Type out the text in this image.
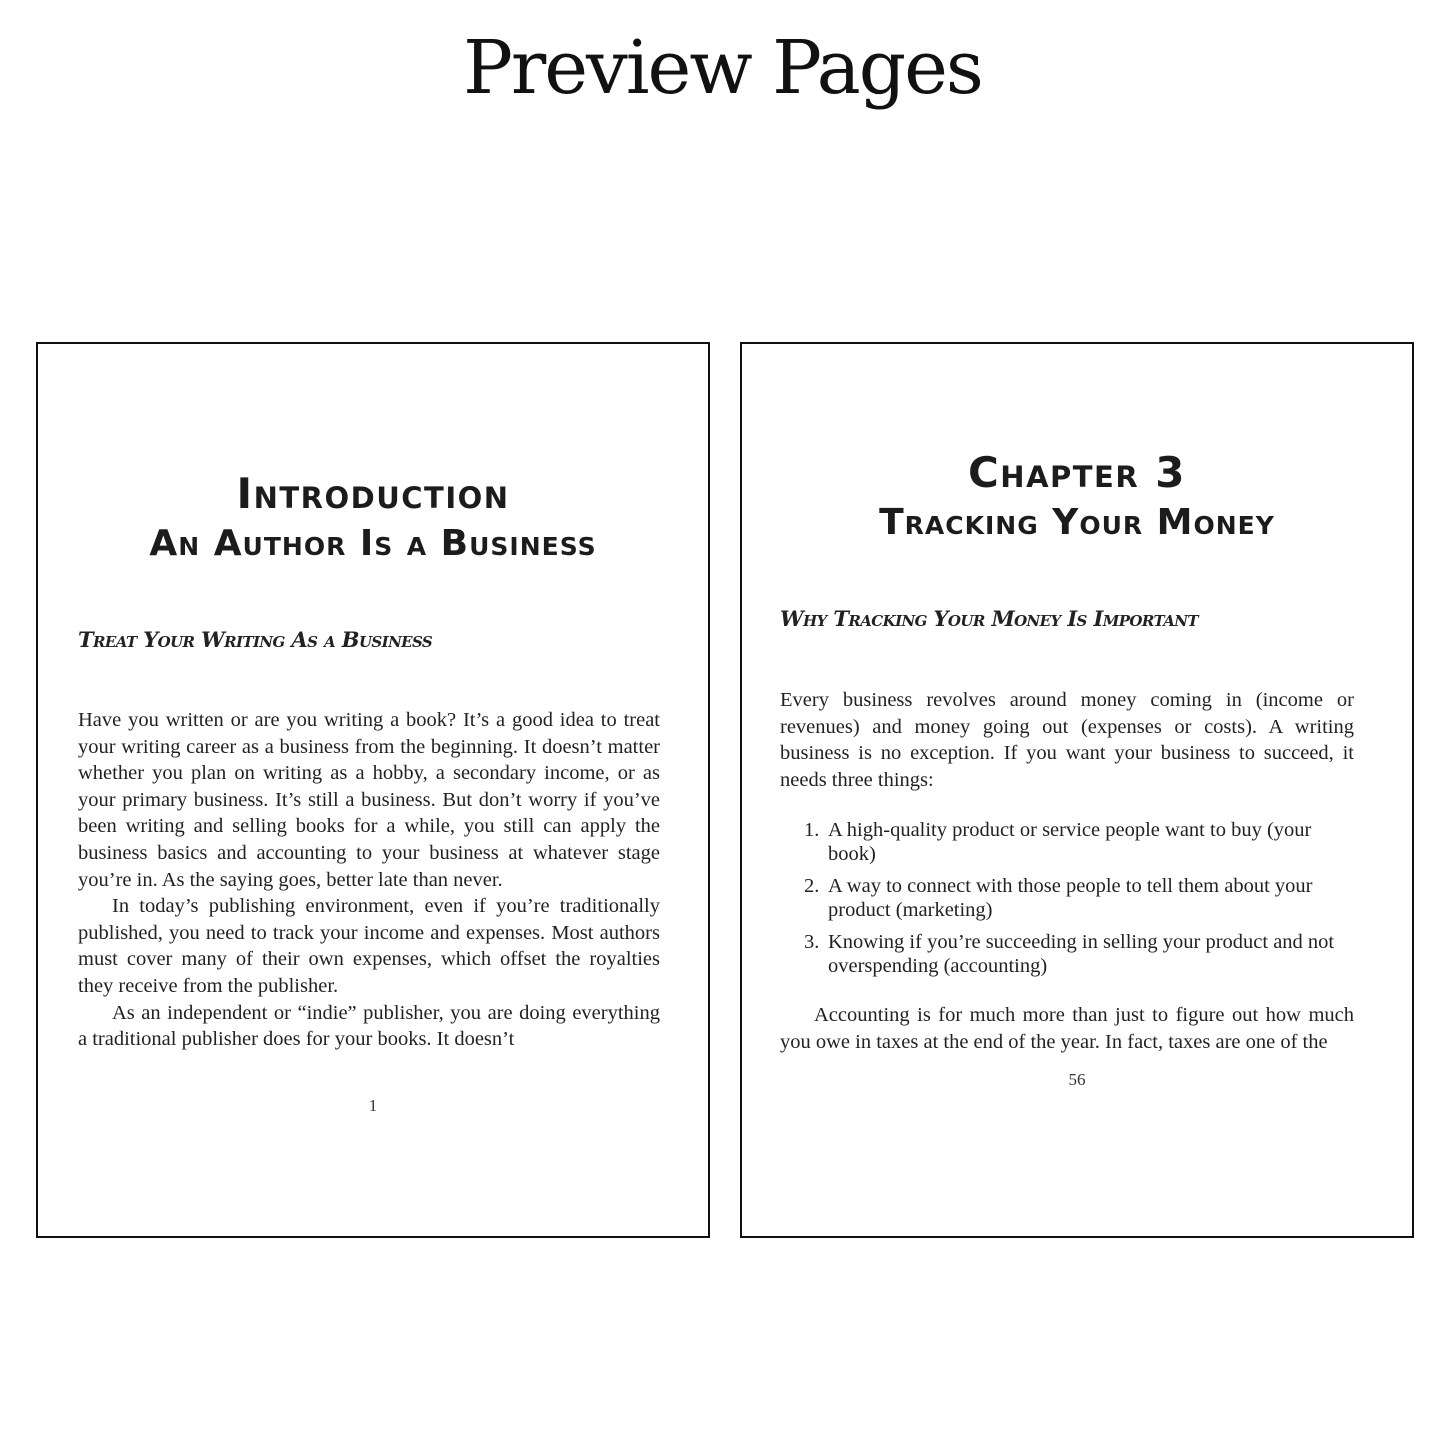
Preview Pages
Introduction
An Author Is a Business
Treat Your Writing As a Business

Have you written or are you writing a book? It’s a good idea to treat your writing career as a business from the beginning. It doesn’t matter whether you plan on writing as a hobby, a secondary income, or as your primary business. It’s still a business. But don’t worry if you’ve been writing and selling books for a while, you still can apply the business basics and accounting to your business at whatever stage you’re in. As the saying goes, better late than never.

In today’s publishing environment, even if you’re traditionally published, you need to track your income and expenses. Most authors must cover many of their own expenses, which offset the royalties they receive from the publisher.

As an independent or “indie” publisher, you are doing everything a traditional publisher does for your books. It doesn’t

1
Chapter 3
Tracking Your Money
Why Tracking Your Money Is Important

Every business revolves around money coming in (income or revenues) and money going out (expenses or costs). A writing business is no exception. If you want your business to succeed, it needs three things:

1. A high-quality product or service people want to buy (your book)
2. A way to connect with those people to tell them about your product (marketing)
3. Knowing if you’re succeeding in selling your product and not overspending (accounting)

Accounting is for much more than just to figure out how much you owe in taxes at the end of the year. In fact, taxes are one of the

56
